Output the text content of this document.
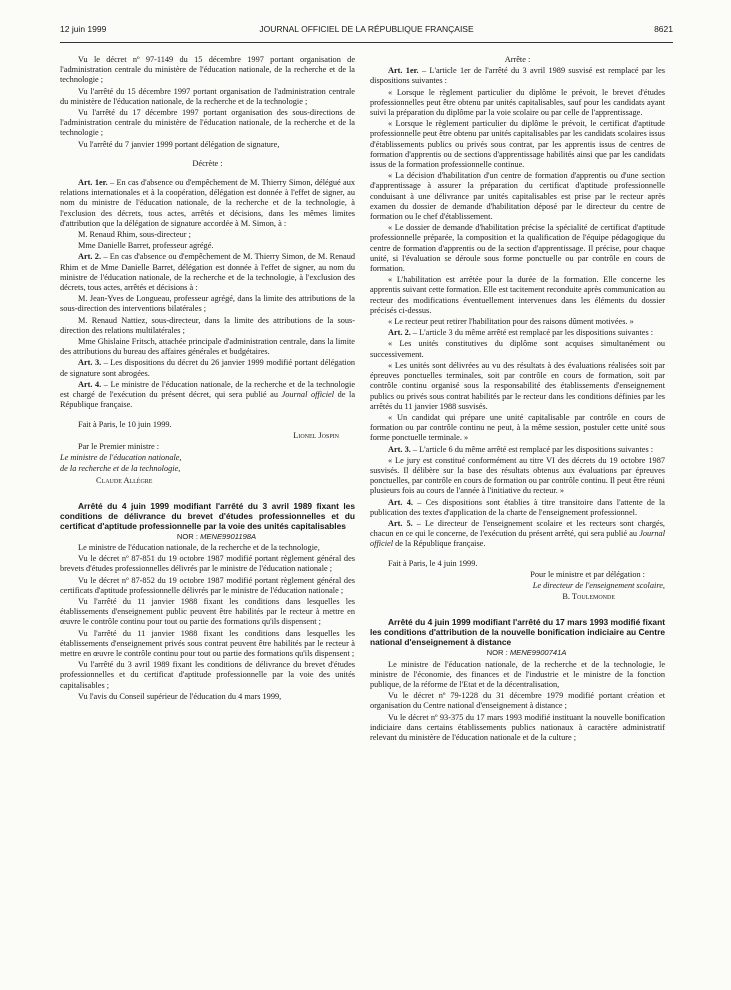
12 juin 1999	JOURNAL OFFICIEL DE LA RÉPUBLIQUE FRANÇAISE	8621

Vu le décret nº 97-1149 du 15 décembre 1997 portant organisation de l'administration centrale du ministère de l'éducation nationale, de la recherche et de la technologie ;

Vu l'arrêté du 15 décembre 1997 portant organisation de l'administration centrale du ministère de l'éducation nationale, de la recherche et de la technologie ;

Vu l'arrêté du 17 décembre 1997 portant organisation des sous-directions de l'administration centrale du ministère de l'éducation nationale, de la recherche et de la technologie ;

Vu l'arrêté du 7 janvier 1999 portant délégation de signature,

Décrète :

Art. 1er. – En cas d'absence ou d'empêchement de M. Thierry Simon, délégué aux relations internationales et à la coopération, délégation est donnée à l'effet de signer, au nom du ministre de l'éducation nationale, de la recherche et de la technologie, à l'exclusion des décrets, tous actes, arrêtés et décisions, dans les mêmes limites d'attribution que la délégation de signature accordée à M. Simon, à :

M. Renaud Rhim, sous-directeur ;

Mme Danielle Barret, professeur agrégé.

Art. 2. – En cas d'absence ou d'empêchement de M. Thierry Simon, de M. Renaud Rhim et de Mme Danielle Barret, délégation est donnée à l'effet de signer, au nom du ministre de l'éducation nationale, de la recherche et de la technologie, à l'exclusion des décrets, tous actes, arrêtés et décisions à :

M. Jean-Yves de Longueau, professeur agrégé, dans la limite des attributions de la sous-direction des interventions bilatérales ;

M. Renaud Nattiez, sous-directeur, dans la limite des attributions de la sous-direction des relations multilatérales ;

Mme Ghislaine Fritsch, attachée principale d'administration centrale, dans la limite des attributions du bureau des affaires générales et budgétaires.

Art. 3. – Les dispositions du décret du 26 janvier 1999 modifié portant délégation de signature sont abrogées.

Art. 4. – Le ministre de l'éducation nationale, de la recherche et de la technologie est chargé de l'exécution du présent décret, qui sera publié au Journal officiel de la République française.

Fait à Paris, le 10 juin 1999.

Lionel Jospin

Par le Premier ministre :

Le ministre de l'éducation nationale,

de la recherche et de la technologie,

Claude Allègre

Arrêté du 4 juin 1999 modifiant l'arrêté du 3 avril 1989 fixant les conditions de délivrance du brevet d'études professionnelles et du certificat d'aptitude professionnelle par la voie des unités capitalisables

NOR : MENE9901198A

Le ministre de l'éducation nationale, de la recherche et de la technologie,

Vu le décret nº 87-851 du 19 octobre 1987 modifié portant règlement général des brevets d'études professionnelles délivrés par le ministre de l'éducation nationale ;

Vu le décret nº 87-852 du 19 octobre 1987 modifié portant règlement général des certificats d'aptitude professionnelle délivrés par le ministre de l'éducation nationale ;

Vu l'arrêté du 11 janvier 1988 fixant les conditions dans lesquelles les établissements d'enseignement public peuvent être habilités par le recteur à mettre en œuvre le contrôle continu pour tout ou partie des formations qu'ils dispensent ;

Vu l'arrêté du 11 janvier 1988 fixant les conditions dans lesquelles les établissements d'enseignement privés sous contrat peuvent être habilités par le recteur à mettre en œuvre le contrôle continu pour tout ou partie des formations qu'ils dispensent ;

Vu l'arrêté du 3 avril 1989 fixant les conditions de délivrance du brevet d'études professionnelles et du certificat d'aptitude professionnelle par la voie des unités capitalisables ;

Vu l'avis du Conseil supérieur de l'éducation du 4 mars 1999,

Arrête :

Art. 1er. – L'article 1er de l'arrêté du 3 avril 1989 susvisé est remplacé par les dispositions suivantes :

« Lorsque le règlement particulier du diplôme le prévoit, le brevet d'études professionnelles peut être obtenu par unités capitalisables, sauf pour les candidats ayant suivi la préparation du diplôme par la voie scolaire ou par celle de l'apprentissage.

« Lorsque le règlement particulier du diplôme le prévoit, le certificat d'aptitude professionnelle peut être obtenu par unités capitalisables par les candidats scolaires issus d'établissements publics ou privés sous contrat, par les apprentis issus de centres de formation d'apprentis ou de sections d'apprentissage habilités ainsi que par les candidats issus de la formation professionnelle continue.

« La décision d'habilitation d'un centre de formation d'apprentis ou d'une section d'apprentissage à assurer la préparation du certificat d'aptitude professionnelle conduisant à une délivrance par unités capitalisables est prise par le recteur après examen du dossier de demande d'habilitation déposé par le directeur du centre de formation ou le chef d'établissement.

« Le dossier de demande d'habilitation précise la spécialité de certificat d'aptitude professionnelle préparée, la composition et la qualification de l'équipe pédagogique du centre de formation d'apprentis ou de la section d'apprentissage. Il précise, pour chaque unité, si l'évaluation se déroule sous forme ponctuelle ou par contrôle en cours de formation.

« L'habilitation est arrêtée pour la durée de la formation. Elle concerne les apprentis suivant cette formation. Elle est tacitement reconduite après communication au recteur des modifications éventuellement intervenues dans les éléments du dossier précisés ci-dessus.

« Le recteur peut retirer l'habilitation pour des raisons dûment motivées. »

Art. 2. – L'article 3 du même arrêté est remplacé par les dispositions suivantes :

« Les unités constitutives du diplôme sont acquises simultanément ou successivement.

« Les unités sont délivrées au vu des résultats à des évaluations réalisées soit par épreuves ponctuelles terminales, soit par contrôle en cours de formation, soit par contrôle continu organisé sous la responsabilité des établissements d'enseignement publics ou privés sous contrat habilités par le recteur dans les conditions définies par les arrêtés du 11 janvier 1988 susvisés.

« Un candidat qui prépare une unité capitalisable par contrôle en cours de formation ou par contrôle continu ne peut, à la même session, postuler cette unité sous forme ponctuelle terminale. »

Art. 3. – L'article 6 du même arrêté est remplacé par les dispositions suivantes :

« Le jury est constitué conformément au titre VI des décrets du 19 octobre 1987 susvisés. Il délibère sur la base des résultats obtenus aux évaluations par épreuves ponctuelles, par contrôle en cours de formation ou par contrôle continu. Il peut être réuni plusieurs fois au cours de l'année à l'initiative du recteur. »

Art. 4. – Ces dispositions sont établies à titre transitoire dans l'attente de la publication des textes d'application de la charte de l'enseignement professionnel.

Art. 5. – Le directeur de l'enseignement scolaire et les recteurs sont chargés, chacun en ce qui le concerne, de l'exécution du présent arrêté, qui sera publié au Journal officiel de la République française.

Fait à Paris, le 4 juin 1999.

Pour le ministre et par délégation :

Le directeur de l'enseignement scolaire,

B. Toulemonde

Arrêté du 4 juin 1999 modifiant l'arrêté du 17 mars 1993 modifié fixant les conditions d'attribution de la nouvelle bonification indiciaire au Centre national d'enseignement à distance

NOR : MENE9900741A

Le ministre de l'éducation nationale, de la recherche et de la technologie, le ministre de l'économie, des finances et de l'industrie et le ministre de la fonction publique, de la réforme de l'Etat et de la décentralisation,

Vu le décret nº 79-1228 du 31 décembre 1979 modifié portant création et organisation du Centre national d'enseignement à distance ;

Vu le décret nº 93-375 du 17 mars 1993 modifié instituant la nouvelle bonification indiciaire dans certains établissements publics nationaux à caractère administratif relevant du ministère de l'éducation nationale et de la culture ;
